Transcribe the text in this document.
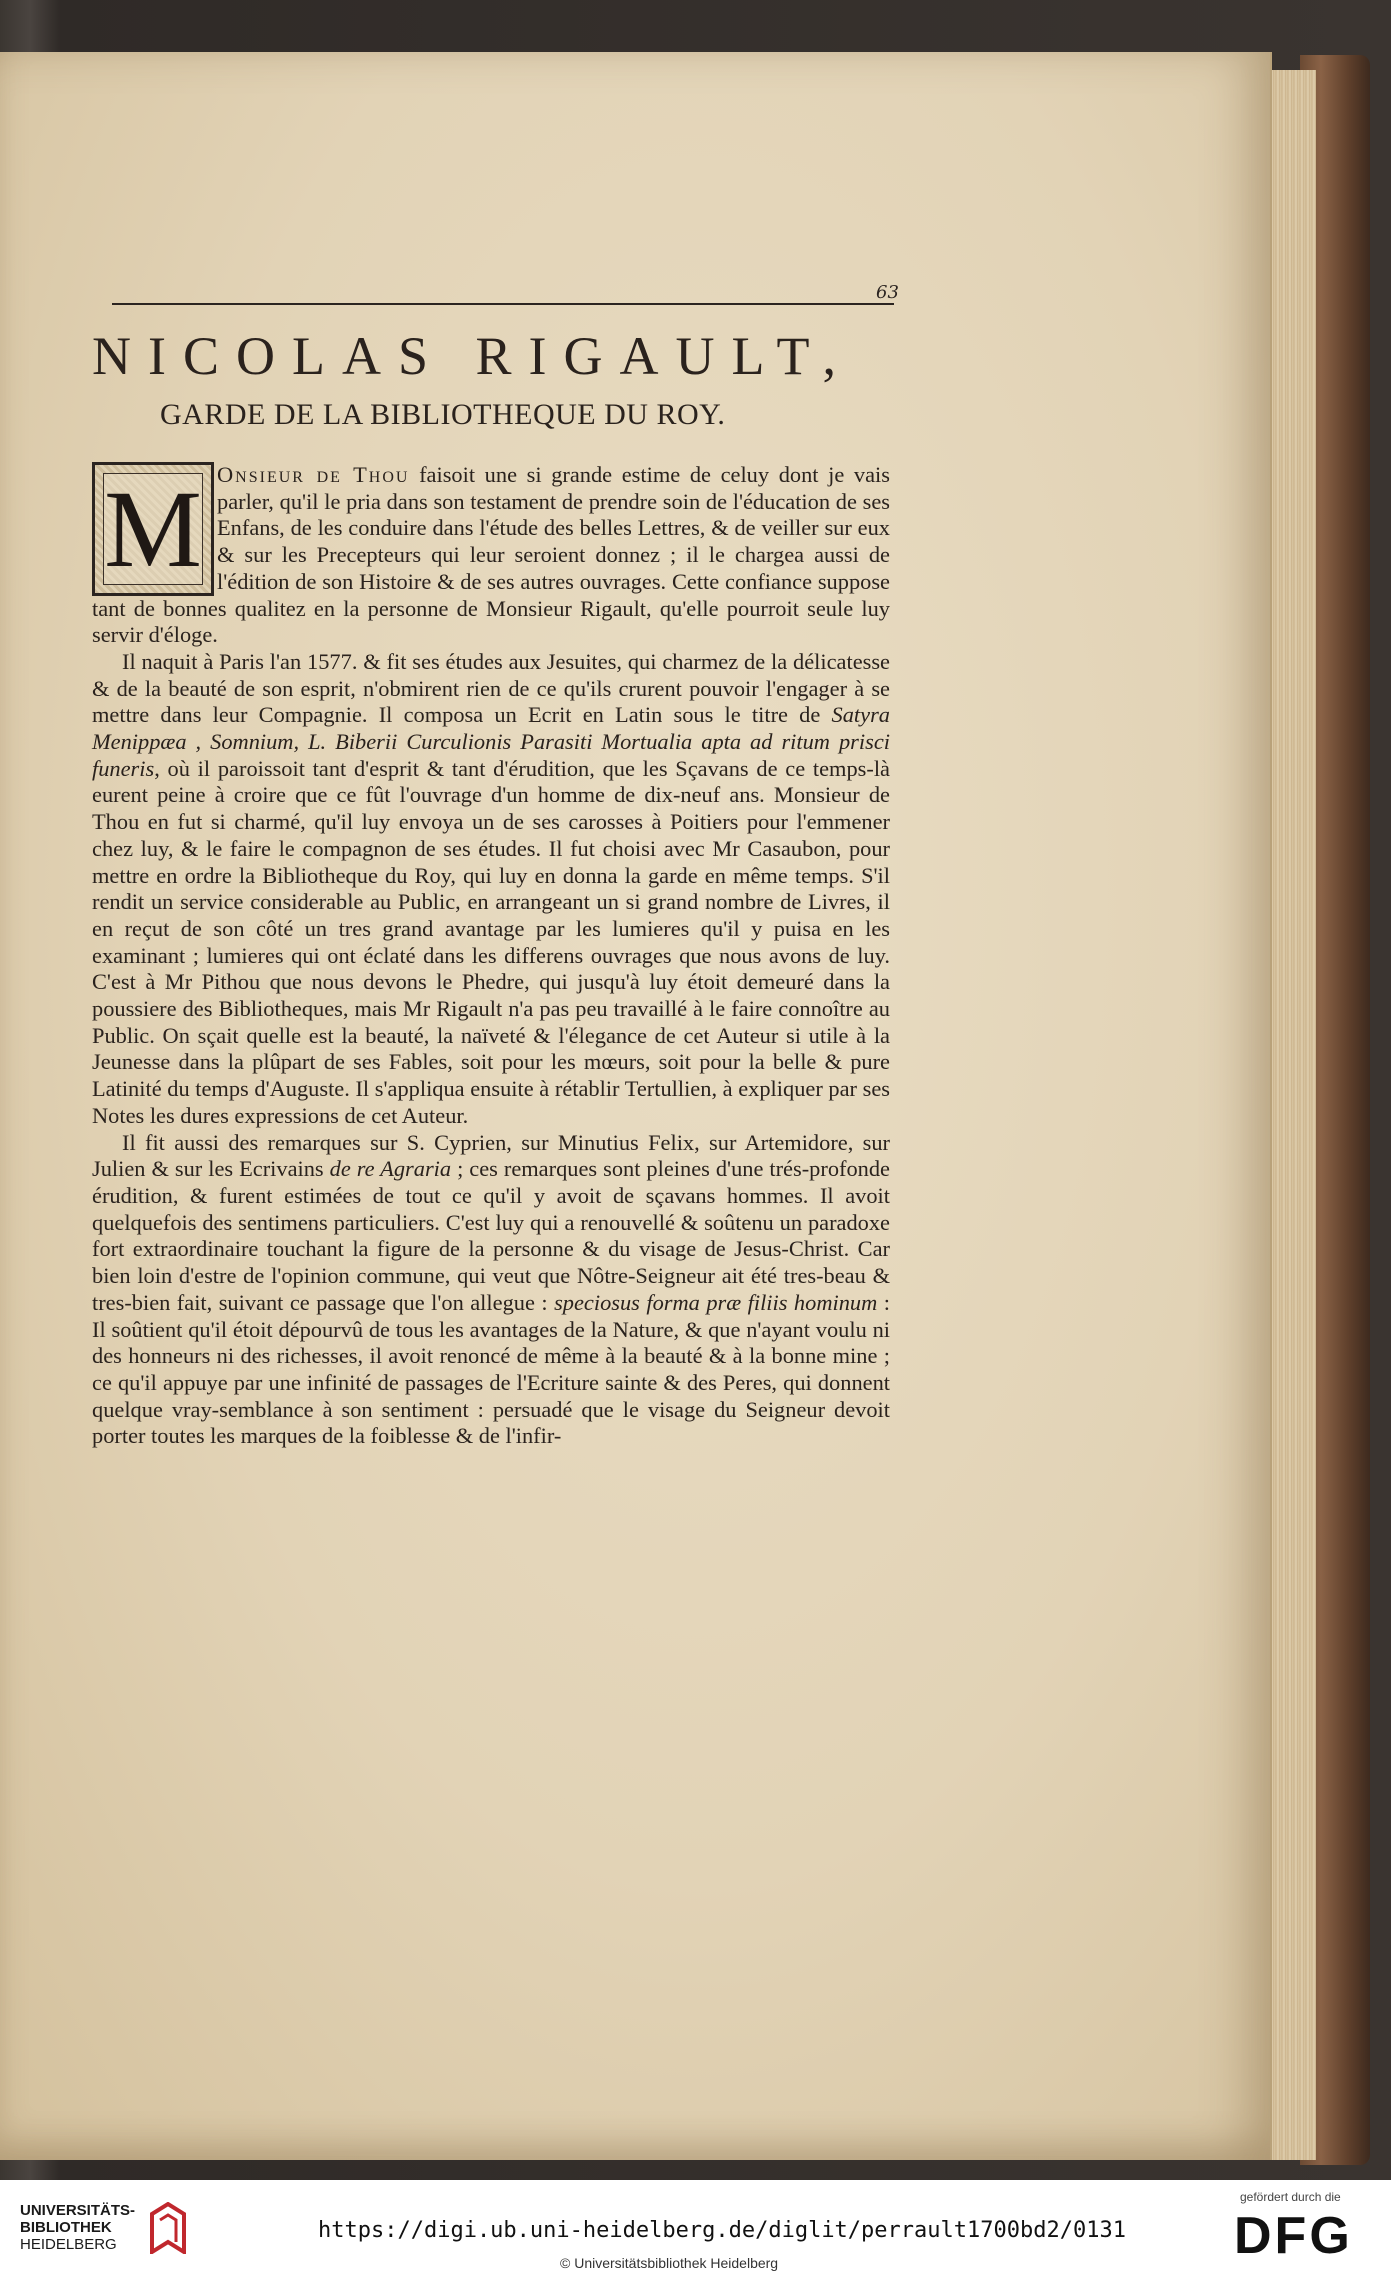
63
NICOLAS RIGAULT,
GARDE DE LA BIBLIOTHEQUE DU ROY.
M Onsieur de Thou faisoit une si grande estime de celuy dont je vais parler, qu'il le pria dans son testament de prendre soin de l'éducation de ses Enfans, de les conduire dans l'étude des belles Lettres, & de veiller sur eux & sur les Precepteurs qui leur seroient donnez ; il le chargea aussi de l'édition de son Histoire & de ses autres ouvrages. Cette confiance suppose tant de bonnes qualitez en la personne de Monsieur Rigault, qu'elle pourroit seule luy servir d'éloge.

Il naquit à Paris l'an 1577. & fit ses études aux Jesuites, qui charmez de la délicatesse & de la beauté de son esprit, n'obmirent rien de ce qu'ils crurent pouvoir l'engager à se mettre dans leur Compagnie. Il composa un Ecrit en Latin sous le titre de Satyra Menippæa , Somnium, L. Biberii Curculionis Parasiti Mortualia apta ad ritum prisci funeris, où il paroissoit tant d'esprit & tant d'érudition, que les Sçavans de ce temps-là eurent peine à croire que ce fût l'ouvrage d'un homme de dix-neuf ans. Monsieur de Thou en fut si charmé, qu'il luy envoya un de ses carosses à Poitiers pour l'emmener chez luy, & le faire le compagnon de ses études. Il fut choisi avec Mr Casaubon, pour mettre en ordre la Bibliotheque du Roy, qui luy en donna la garde en même temps. S'il rendit un service considerable au Public, en arrangeant un si grand nombre de Livres, il en reçut de son côté un tres grand avantage par les lumieres qu'il y puisa en les examinant ; lumieres qui ont éclaté dans les differens ouvrages que nous avons de luy. C'est à Mr Pithou que nous devons le Phedre, qui jusqu'à luy étoit demeuré dans la poussiere des Bibliotheques, mais Mr Rigault n'a pas peu travaillé à le faire connoître au Public. On sçait quelle est la beauté, la naïveté & l'élegance de cet Auteur si utile à la Jeunesse dans la plûpart de ses Fables, soit pour les mœurs, soit pour la belle & pure Latinité du temps d'Auguste. Il s'appliqua ensuite à rétablir Tertullien, à expliquer par ses Notes les dures expressions de cet Auteur.

Il fit aussi des remarques sur S. Cyprien, sur Minutius Felix, sur Artemidore, sur Julien & sur les Ecrivains de re Agraria ; ces remarques sont pleines d'une trés-profonde érudition, & furent estimées de tout ce qu'il y avoit de sçavans hommes. Il avoit quelquefois des sentimens particuliers. C'est luy qui a renouvellé & soûtenu un paradoxe fort extraordinaire touchant la figure de la personne & du visage de Jesus-Christ. Car bien loin d'estre de l'opinion commune, qui veut que Nôtre-Seigneur ait été tres-beau & tres-bien fait, suivant ce passage que l'on allegue : speciosus forma præ filiis hominum : Il soûtient qu'il étoit dépourvû de tous les avantages de la Nature, & que n'ayant voulu ni des honneurs ni des richesses, il avoit renoncé de même à la beauté & à la bonne mine ; ce qu'il appuye par une infinité de passages de l'Ecriture sainte & des Peres, qui donnent quelque vray-semblance à son sentiment : persuadé que le visage du Seigneur devoit porter toutes les marques de la foiblesse & de l'infir-

UNIVERSITÄTS-
BIBLIOTHEK
HEIDELBERG
https://digi.ub.uni-heidelberg.de/diglit/perrault1700bd2/0131
© Universitätsbibliothek Heidelberg
gefördert durch die
DFG
